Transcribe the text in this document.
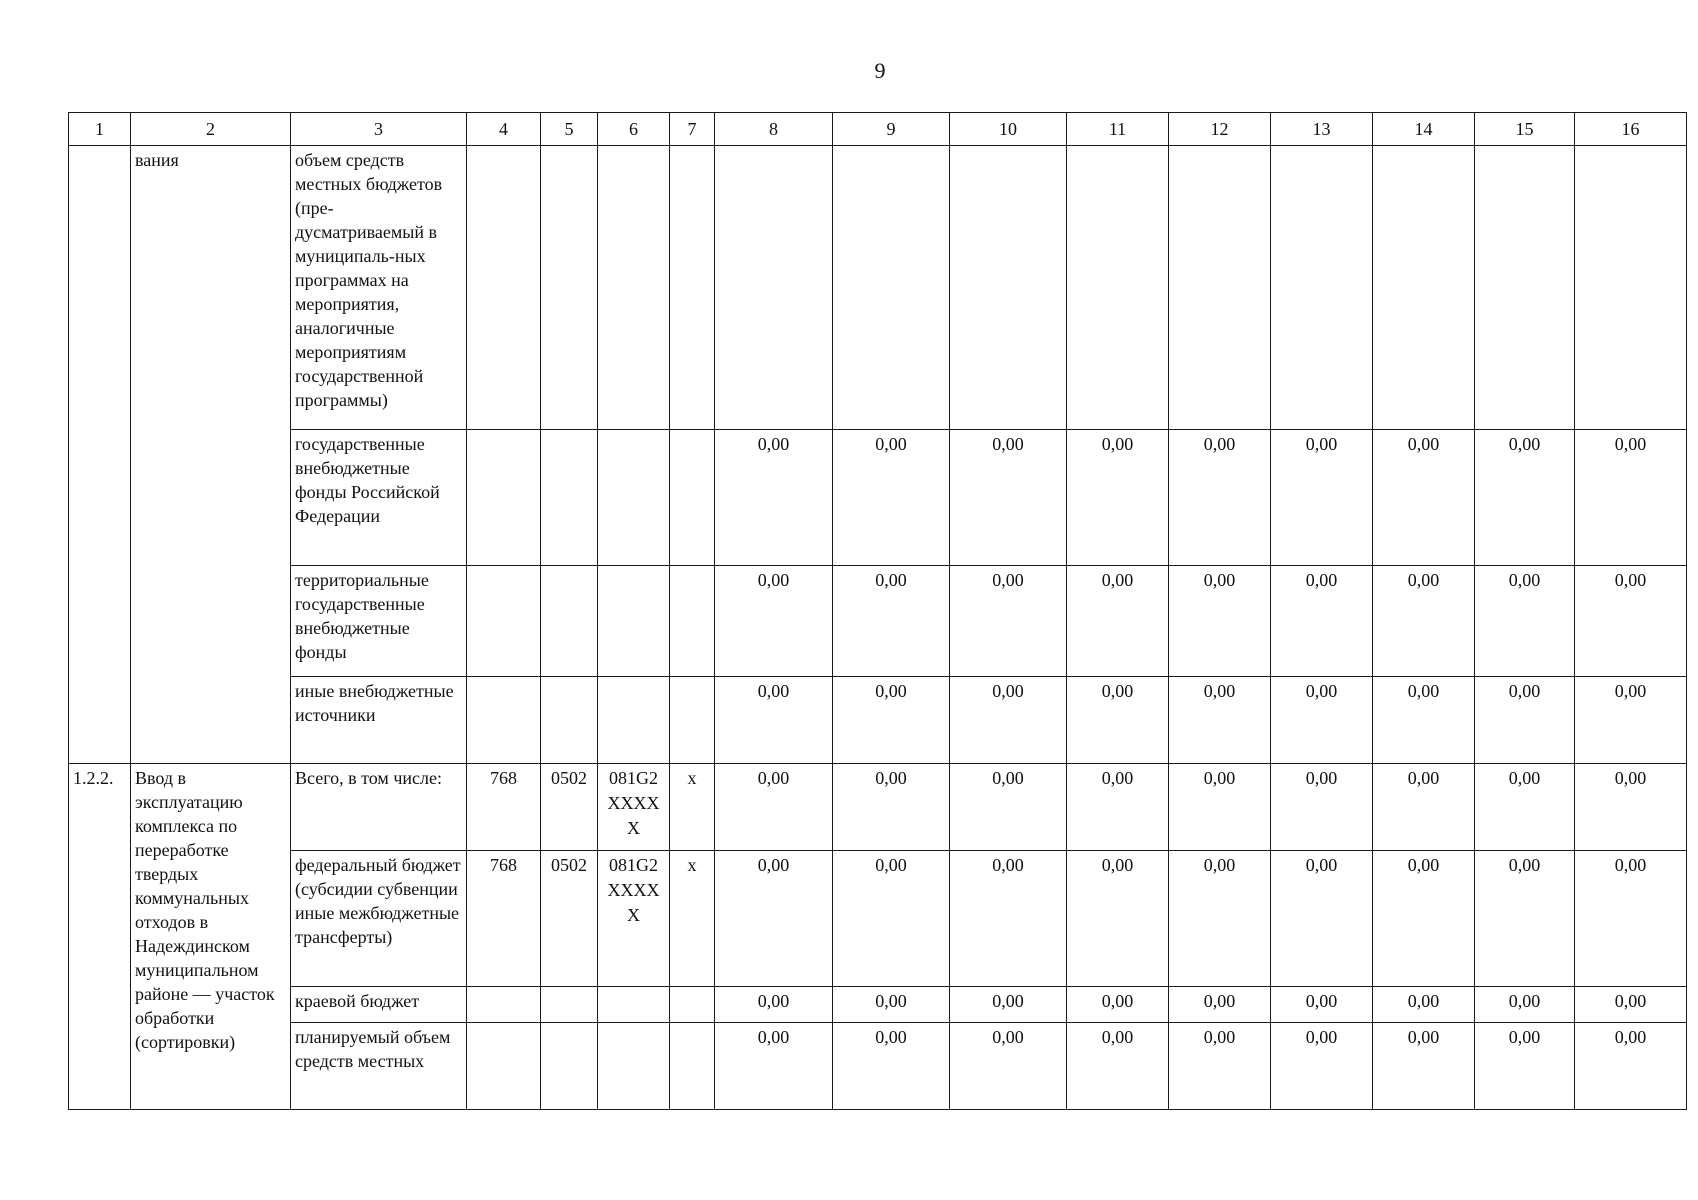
9
1	2	3	4	5	6	7	8	9	10	11	12	13	14	15	16
	вания	объем средств местных бюджетов (пре-дусматриваемый в муниципаль-ных программах на мероприятия, аналогичные мероприятиям государственной программы)													
		государственные внебюджетные фонды Российской Федерации					0,00	0,00	0,00	0,00	0,00	0,00	0,00	0,00	0,00
		территориальные государственные внебюджетные фонды					0,00	0,00	0,00	0,00	0,00	0,00	0,00	0,00	0,00
		иные внебюджетные источники					0,00	0,00	0,00	0,00	0,00	0,00	0,00	0,00	0,00
1.2.2.	Ввод в эксплуатацию комплекса по переработке твердых коммунальных отходов в Надеждинском муниципальном районе — участок обработки (сортировки)	Всего, в том числе:	768	0502	081G2 XXXX X	х	0,00	0,00	0,00	0,00	0,00	0,00	0,00	0,00	0,00
		федеральный бюджет (субсидии субвенции иные межбюджетные трансферты)	768	0502	081G2 XXXX X	х	0,00	0,00	0,00	0,00	0,00	0,00	0,00	0,00	0,00
		краевой бюджет					0,00	0,00	0,00	0,00	0,00	0,00	0,00	0,00	0,00
		планируемый объем средств местных					0,00	0,00	0,00	0,00	0,00	0,00	0,00	0,00	0,00
